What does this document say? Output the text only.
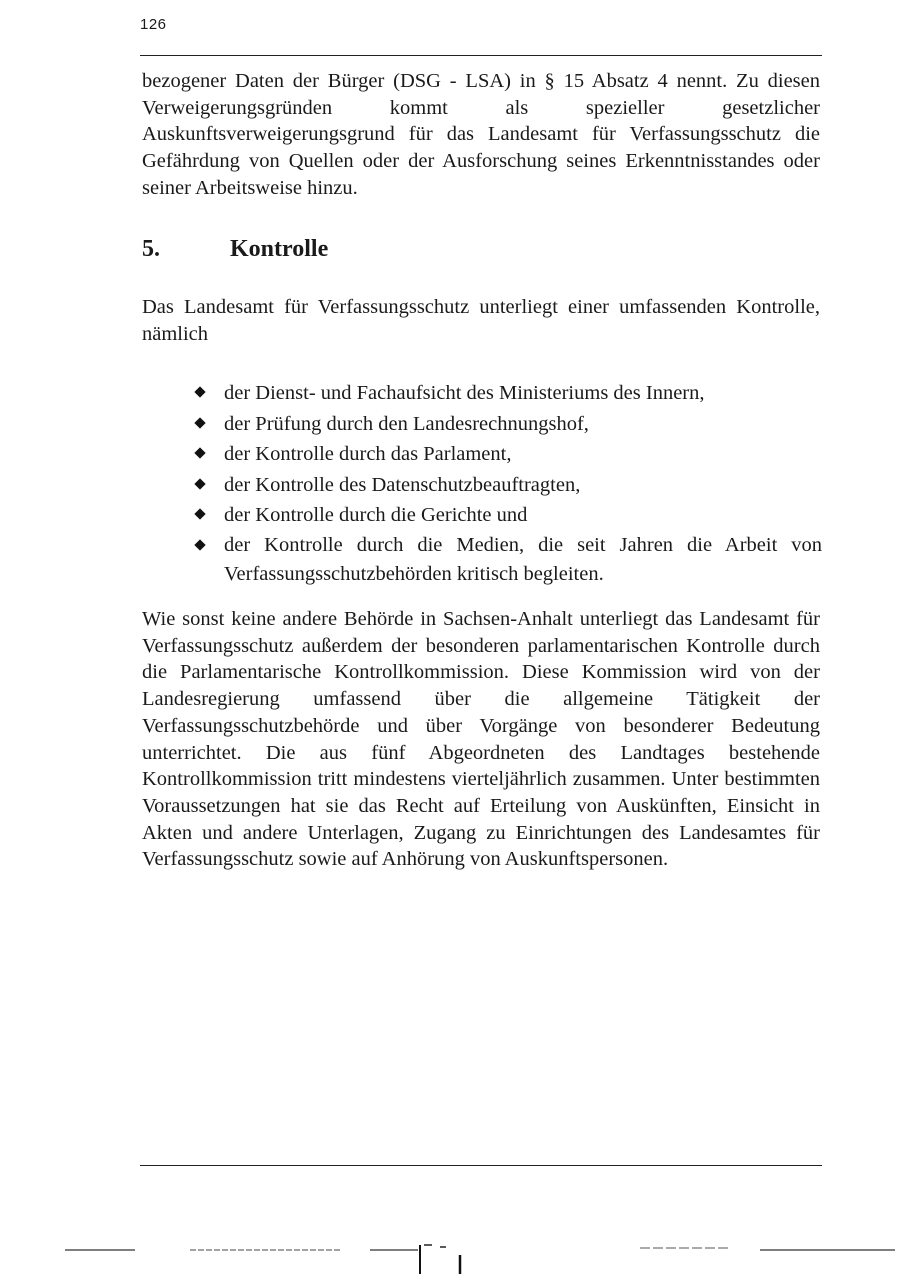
126

bezogener Daten der Bürger (DSG - LSA) in § 15 Absatz 4 nennt. Zu diesen Verweigerungsgründen kommt als spezieller gesetzlicher Auskunftsverweigerungsgrund für das Landesamt für Verfassungsschutz die Gefährdung von Quellen oder der Ausforschung seines Erkenntnisstandes oder seiner Arbeitsweise hinzu.

5.	Kontrolle

Das Landesamt für Verfassungsschutz unterliegt einer umfassenden Kontrolle, nämlich

der Dienst- und Fachaufsicht des Ministeriums des Innern,
der Prüfung durch den Landesrechnungshof,
der Kontrolle durch das Parlament,
der Kontrolle des Datenschutzbeauftragten,
der Kontrolle durch die Gerichte und
der Kontrolle durch die Medien, die seit Jahren die Arbeit von Verfassungsschutzbehörden kritisch begleiten.

Wie sonst keine andere Behörde in Sachsen-Anhalt unterliegt das Landesamt für Verfassungsschutz außerdem der besonderen parlamentarischen Kontrolle durch die Parlamentarische Kontrollkommission. Diese Kommission wird von der Landesregierung umfassend über die allgemeine Tätigkeit der Verfassungsschutzbehörde und über Vorgänge von besonderer Bedeutung unterrichtet. Die aus fünf Abgeordneten des Landtages bestehende Kontrollkommission tritt mindestens vierteljährlich zusammen. Unter bestimmten Voraussetzungen hat sie das Recht auf Erteilung von Auskünften, Einsicht in Akten und andere Unterlagen, Zugang zu Einrichtungen des Landesamtes für Verfassungsschutz sowie auf Anhörung von Auskunftspersonen.
